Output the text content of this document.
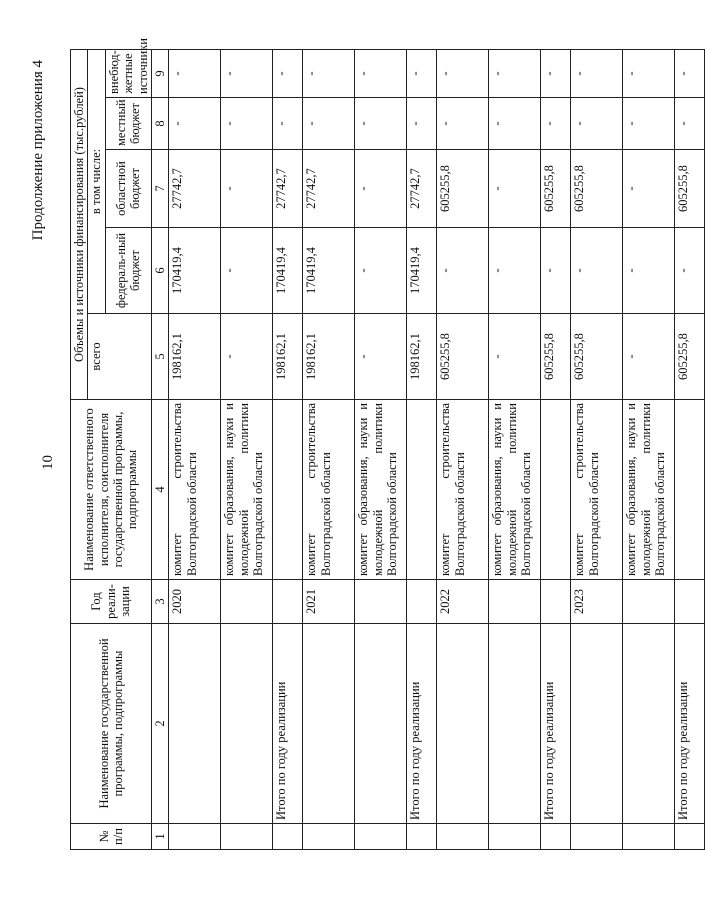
10
Продолжение приложения 4
№ п/п	Наименование государственной программы, подпрограммы	Год реали-зации	Наименование ответственного исполнителя, соисполнителя государственной программы, подпрограммы	Объемы и источники финансирования (тыс.рублей)				
				всего	в том числе:			
					федераль-ный бюджет	областной бюджет	местный бюджет	внебюд-жетные источники
1	2	3	4	5	6	7	8	9
		2020	комитет строительства Волгоградской области	198162,1	170419,4	27742,7	-	-
			комитет образования, науки и молодежной политики Волгоградской области	-	-	-	-	-
	Итого по году реализации			198162,1	170419,4	27742,7	-	-
		2021	комитет строительства Волгоградской области	198162,1	170419,4	27742,7	-	-
			комитет образования, науки и молодежной политики Волгоградской области	-	-	-	-	-
	Итого по году реализации			198162,1	170419,4	27742,7	-	-
		2022	комитет строительства Волгоградской области	605255,8	-	605255,8	-	-
			комитет образования, науки и молодежной политики Волгоградской области	-	-	-	-	-
	Итого по году реализации			605255,8	-	605255,8	-	-
		2023	комитет строительства Волгоградской области	605255,8	-	605255,8	-	-
			комитет образования, науки и молодежной политики Волгоградской области	-	-	-	-	-
	Итого по году реализации			605255,8	-	605255,8	-	-
